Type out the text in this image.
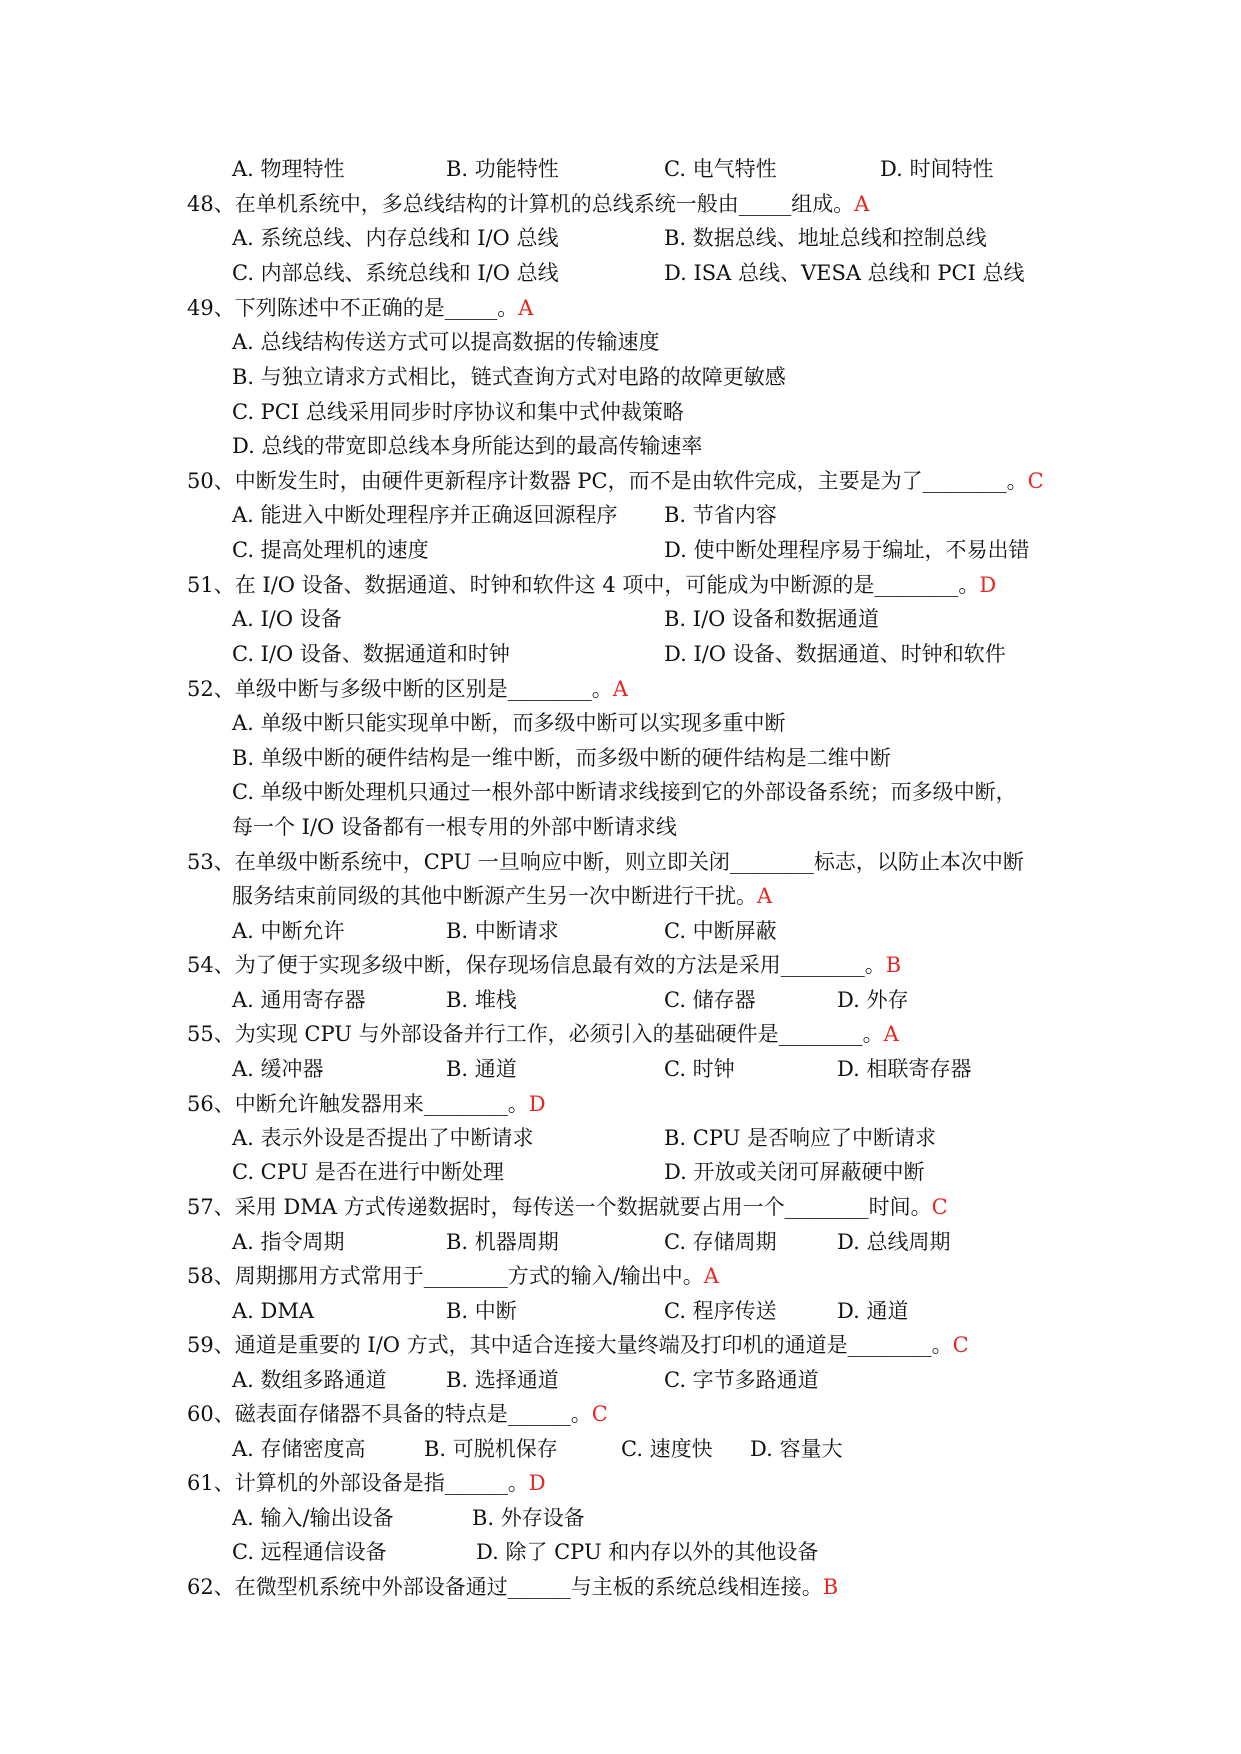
A. 物理特性	B. 功能特性	C. 电气特性	D. 时间特性
48、在单机系统中，多总线结构的计算机的总线系统一般由_____组成。A
A. 系统总线、内存总线和 I/O 总线	B. 数据总线、地址总线和控制总线
C. 内部总线、系统总线和 I/O 总线	D. ISA 总线、VESA 总线和 PCI 总线
49、下列陈述中不正确的是_____。A
A. 总线结构传送方式可以提高数据的传输速度
B. 与独立请求方式相比，链式查询方式对电路的故障更敏感
C. PCI 总线采用同步时序协议和集中式仲裁策略
D. 总线的带宽即总线本身所能达到的最高传输速率
50、中断发生时，由硬件更新程序计数器 PC，而不是由软件完成，主要是为了________。C
A. 能进入中断处理程序并正确返回源程序 B. 节省内容
C. 提高处理机的速度	D. 使中断处理程序易于编址，不易出错
51、在 I/O 设备、数据通道、时钟和软件这 4 项中，可能成为中断源的是________。D
A. I/O 设备	B. I/O 设备和数据通道
C. I/O 设备、数据通道和时钟	D. I/O 设备、数据通道、时钟和软件
52、单级中断与多级中断的区别是________。A
A. 单级中断只能实现单中断，而多级中断可以实现多重中断
B. 单级中断的硬件结构是一维中断，而多级中断的硬件结构是二维中断
C. 单级中断处理机只通过一根外部中断请求线接到它的外部设备系统；而多级中断，
每一个 I/O 设备都有一根专用的外部中断请求线
53、在单级中断系统中，CPU 一旦响应中断，则立即关闭________标志，以防止本次中断
服务结束前同级的其他中断源产生另一次中断进行干扰。A
A. 中断允许	B. 中断请求	C. 中断屏蔽
54、为了便于实现多级中断，保存现场信息最有效的方法是采用________。B
A. 通用寄存器	B. 堆栈	C. 储存器	D. 外存
55、为实现 CPU 与外部设备并行工作，必须引入的基础硬件是________。A
A. 缓冲器	B. 通道	C. 时钟	D. 相联寄存器
56、中断允许触发器用来________。D
A. 表示外设是否提出了中断请求	B. CPU 是否响应了中断请求
C. CPU 是否在进行中断处理	D. 开放或关闭可屏蔽硬中断
57、采用 DMA 方式传递数据时，每传送一个数据就要占用一个________时间。C
A. 指令周期	B. 机器周期	C. 存储周期	D. 总线周期
58、周期挪用方式常用于________方式的输入/输出中。A
A. DMA	B. 中断	C. 程序传送	D. 通道
59、通道是重要的 I/O 方式，其中适合连接大量终端及打印机的通道是________。C
A. 数组多路通道	B. 选择通道	C. 字节多路通道
60、磁表面存储器不具备的特点是______。C
A. 存储密度高	B. 可脱机保存	C. 速度快 D. 容量大
61、计算机的外部设备是指______。D
A. 输入/输出设备	B. 外存设备
C. 远程通信设备	D. 除了 CPU 和内存以外的其他设备
62、在微型机系统中外部设备通过______与主板的系统总线相连接。B
